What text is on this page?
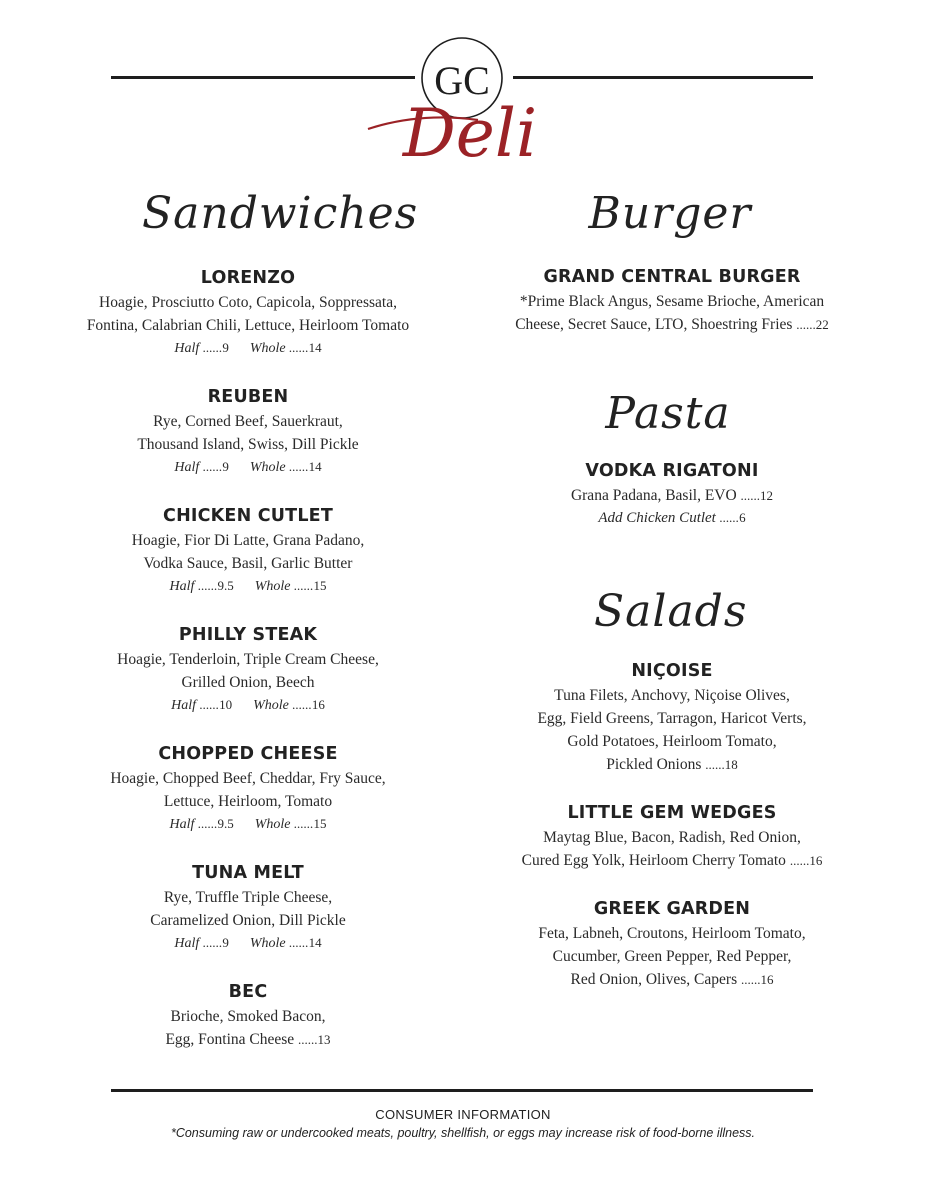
GC
Deli
Sandwiches	Burger
Pasta
Salads
LORENZO
Hoagie, Prosciutto Coto, Capicola, Soppressata,
Fontina, Calabrian Chili, Lettuce, Heirloom Tomato
Half ......9 Whole ......14
REUBEN
Rye, Corned Beef, Sauerkraut,
Thousand Island, Swiss, Dill Pickle
Half ......9 Whole ......14
CHICKEN CUTLET
Hoagie, Fior Di Latte, Grana Padano,
Vodka Sauce, Basil, Garlic Butter
Half ......9.5 Whole ......15
PHILLY STEAK
Hoagie, Tenderloin, Triple Cream Cheese,
Grilled Onion, Beech
Half ......10 Whole ......16
CHOPPED CHEESE
Hoagie, Chopped Beef, Cheddar, Fry Sauce,
Lettuce, Heirloom, Tomato
Half ......9.5 Whole ......15
TUNA MELT
Rye, Truffle Triple Cheese,
Caramelized Onion, Dill Pickle
Half ......9 Whole ......14
BEC
Brioche, Smoked Bacon,
Egg, Fontina Cheese ......13
GRAND CENTRAL BURGER
*Prime Black Angus, Sesame Brioche, American
Cheese, Secret Sauce, LTO, Shoestring Fries ......22
VODKA RIGATONI
Grana Padana, Basil, EVO ......12
Add Chicken Cutlet ......6
NIÇOISE
Tuna Filets, Anchovy, Niçoise Olives,
Egg, Field Greens, Tarragon, Haricot Verts,
Gold Potatoes, Heirloom Tomato,
Pickled Onions ......18
LITTLE GEM WEDGES
Maytag Blue, Bacon, Radish, Red Onion,
Cured Egg Yolk, Heirloom Cherry Tomato ......16
GREEK GARDEN
Feta, Labneh, Croutons, Heirloom Tomato,
Cucumber, Green Pepper, Red Pepper,
Red Onion, Olives, Capers ......16
CONSUMER INFORMATION
*Consuming raw or undercooked meats, poultry, shellfish, or eggs may increase risk of food-borne illness.
